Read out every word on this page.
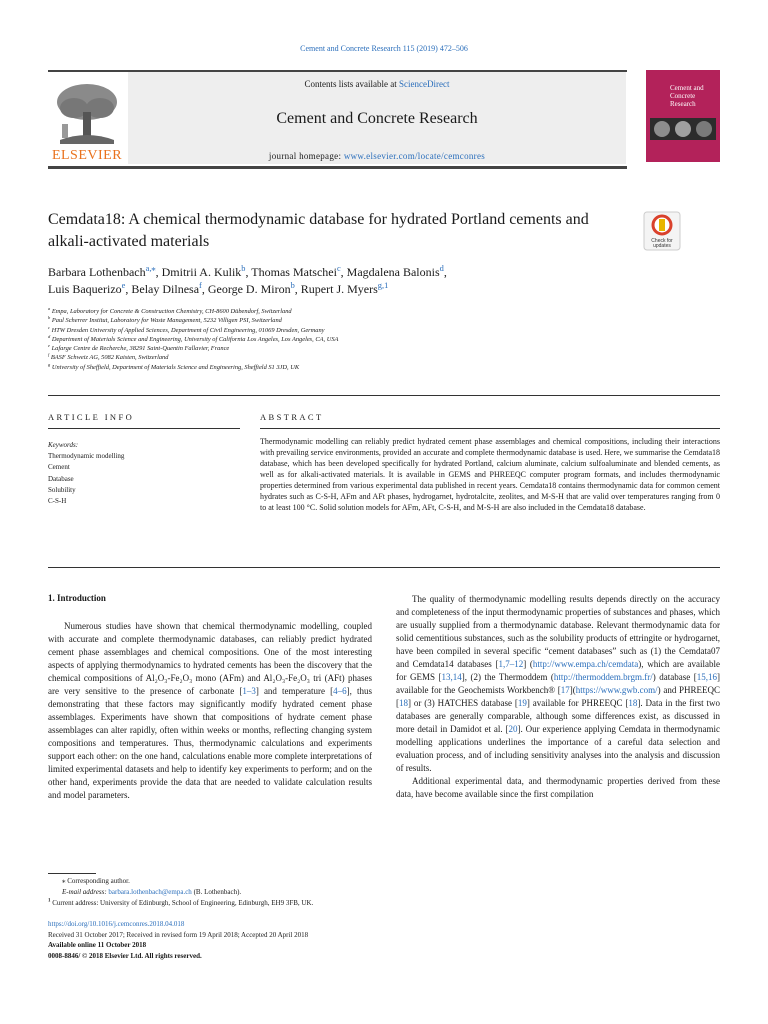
Cement and Concrete Research 115 (2019) 472–506
Contents lists available at ScienceDirect
Cement and Concrete Research
journal homepage: www.elsevier.com/locate/cemconres
ELSEVIER
Cement and Concrete Research
Cemdata18: A chemical thermodynamic database for hydrated Portland cements and alkali-activated materials	Check for
updates
Barbara Lothenbach$^{a,⁎}$, Dmitrii A. Kulik$^b$, Thomas Matschei$^c$, Magdalena Balonis$^d$,
Luis Baquerizo$^e$, Belay Dilnesa$^f$, George D. Miron$^b$, Rupert J. Myers$^{g,1}$
$^a$ Empa, Laboratory for Concrete & Construction Chemistry, CH-8600 Dübendorf, Switzerland
$^b$ Paul Scherrer Institut, Laboratory for Waste Management, 5232 Villigen PSI, Switzerland
$^c$ HTW Dresden University of Applied Sciences, Department of Civil Engineering, 01069 Dresden, Germany
$^d$ Department of Materials Science and Engineering, University of California Los Angeles, Los Angeles, CA, USA
$^e$ Lafarge Centre de Recherche, 38291 Saint-Quentin Fallavier, France
$^f$ BASF Schweiz AG, 5082 Kaisten, Switzerland
$^g$ University of Sheffield, Department of Materials Science and Engineering, Sheffield S1 3JD, UK
ARTICLE INFO
Keywords:
Thermodynamic modelling
Cement
Database
Solubility
C-S-H
ABSTRACT
Thermodynamic modelling can reliably predict hydrated cement phase assemblages and chemical compositions, including their interactions with prevailing service environments, provided an accurate and complete thermodynamic database is used. Here, we summarise the Cemdata18 database, which has been developed specifically for hydrated Portland, calcium aluminate, calcium sulfoaluminate and blended cements, as well as for alkali-activated materials. It is available in GEMS and PHREEQC computer program formats, and includes thermodynamic properties determined from various experimental data published in recent years. Cemdata18 contains thermodynamic data for common cement hydrates such as C-S-H, AFm and AFt phases, hydrogarnet, hydrotalcite, zeolites, and M-S-H that are valid over temperatures ranging from 0 to at least 100 °C. Solid solution models for AFm, AFt, C-S-H, and M-S-H are also included in the Cemdata18 database.
1. Introduction

Numerous studies have shown that chemical thermodynamic modelling, coupled with accurate and complete thermodynamic databases, can reliably predict hydrated cement phase assemblages and chemical compositions. One of the most interesting aspects of applying thermodynamics to hydrated cements has been the discovery that the chemical compositions of Al₂O₃-Fe₂O₃ mono (AFm) and Al₂O₃-Fe₂O₃ tri (AFt) phases are very sensitive to the presence of carbonate [1–3] and temperature [4–6], thus demonstrating that these factors may significantly modify hydrated cement phase assemblages. Experiments have shown that compositions of hydrate cement phase assemblages can alter rapidly, often within weeks or months, reflecting changing system compositions and temperatures. Thus, thermodynamic calculations and experiments support each other: on the one hand, calculations enable more complete interpretations of limited experimental datasets and help to identify key experiments to perform; and on the other hand, experiments provide the data that are needed to validate calculation results and model parameters.

The quality of thermodynamic modelling results depends directly on the accuracy and completeness of the input thermodynamic properties of substances and phases, which are usually supplied from a thermodynamic database. Relevant thermodynamic data for solid cementitious substances, such as the solubility products of ettringite or hydrogarnet, have been compiled in several specific “cement databases” such as (1) the Cemdata07 and Cemdata14 databases [1,7–12] (http://www.empa.ch/cemdata), which are available for GEMS [13,14], (2) the Thermoddem (http://thermoddem.brgm.fr/) database [15,16] available for the Geochemists Workbench® [17](https://www.gwb.com/) and PHREEQC [18] or (3) HATCHES database [19] available for PHREEQC [18]. Data in the first two databases are generally comparable, although some differences exist, as discussed in more detail in Damidot et al. [20]. Our experience applying Cemdata in thermodynamic modelling applications underlines the importance of a careful data selection and evaluation process, and of including sensitivity analyses into the analysis and discussion of results.

Additional experimental data, and thermodynamic properties derived from these data, have become available since the first compilation

⁎ Corresponding author.
E-mail address: barbara.lothenbach@empa.ch (B. Lothenbach).
$^1$ Current address: University of Edinburgh, School of Engineering, Edinburgh, EH9 3FB, UK.
https://doi.org/10.1016/j.cemconres.2018.04.018
Received 31 October 2017; Received in revised form 19 April 2018; Accepted 20 April 2018
Available online 11 October 2018
0008-8846/ © 2018 Elsevier Ltd. All rights reserved.
